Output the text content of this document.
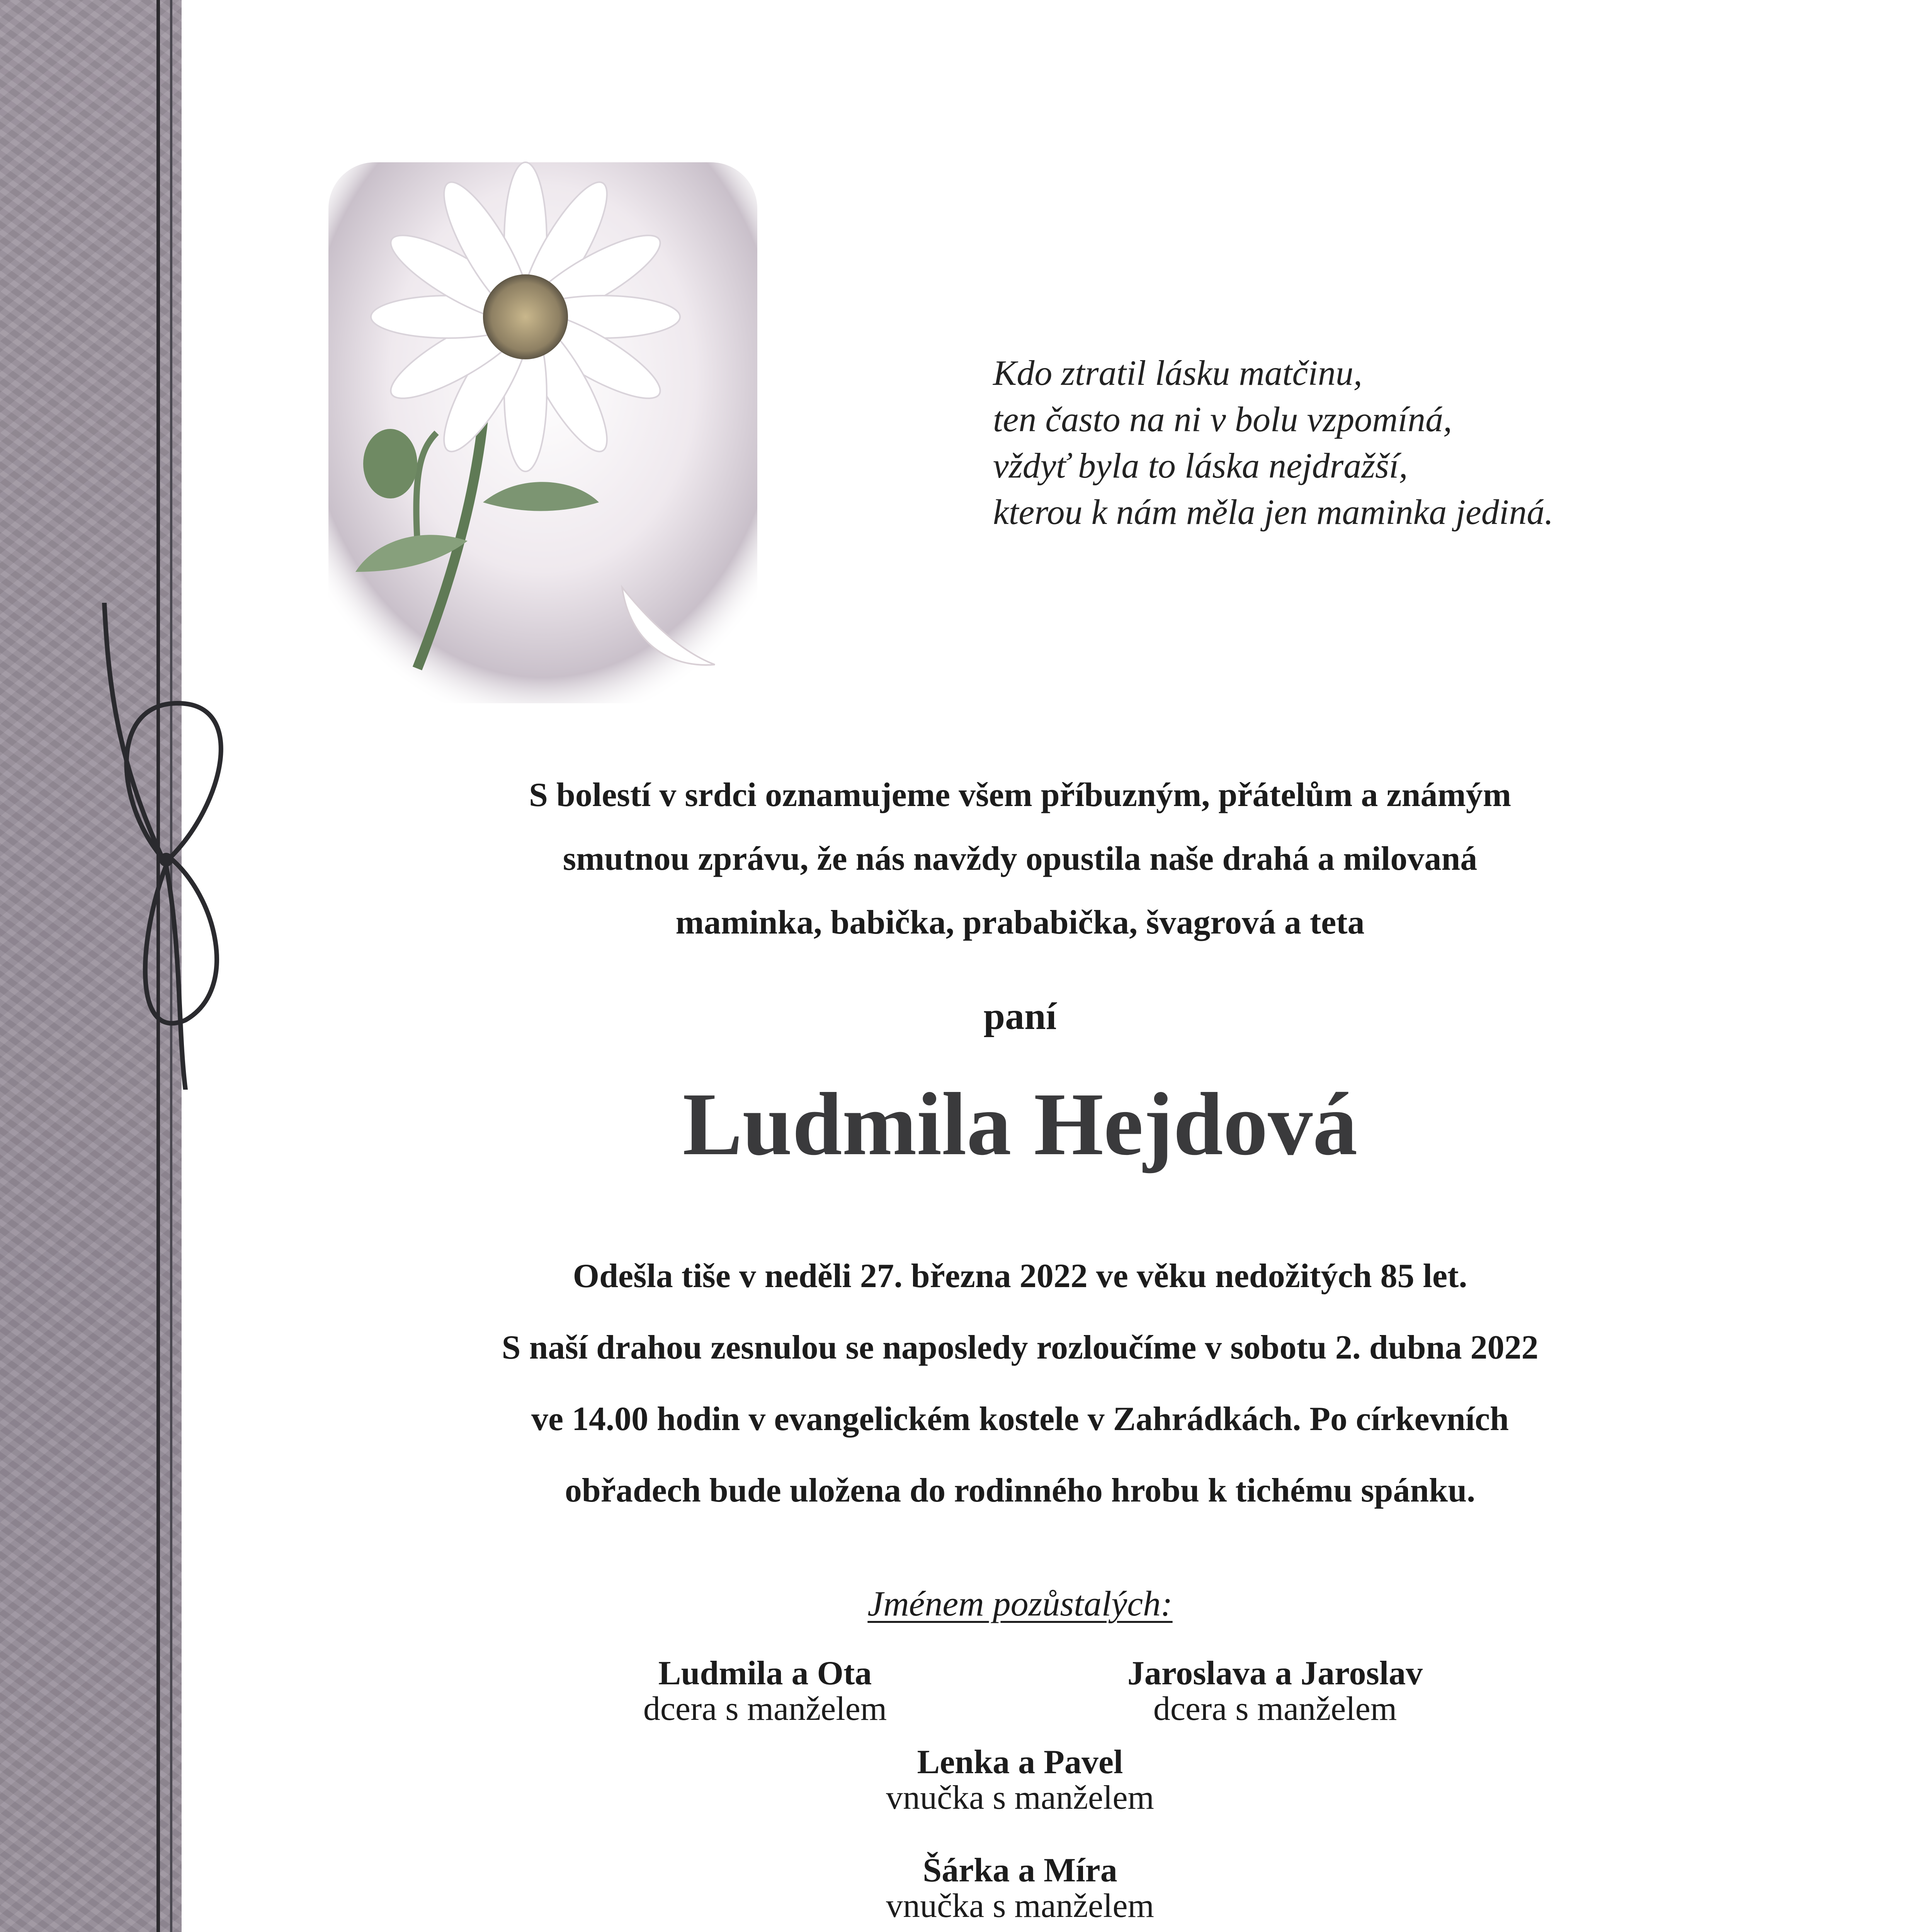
Kdo ztratil lásku matčinu,
ten často na ni v bolu vzpomíná,
vždyť byla to láska nejdražší,
kterou k nám měla jen maminka jediná.
S bolestí v srdci oznamujeme všem příbuzným, přátelům a známým
smutnou zprávu, že nás navždy opustila naše drahá a milovaná
maminka, babička, prababička, švagrová a teta
paní
Ludmila Hejdová
Odešla tiše v neděli 27. března 2022 ve věku nedožitých 85 let.
S naší drahou zesnulou se naposledy rozloučíme v sobotu 2. dubna 2022
ve 14.00 hodin v evangelickém kostele v Zahrádkách. Po církevních
obřadech bude uložena do rodinného hrobu k tichému spánku.
Jménem pozůstalých:
Ludmila a Ota
dcera s manželem
Jaroslava a Jaroslav
dcera s manželem
Lenka a Pavel
vnučka s manželem
Šárka a Míra
vnučka s manželem
